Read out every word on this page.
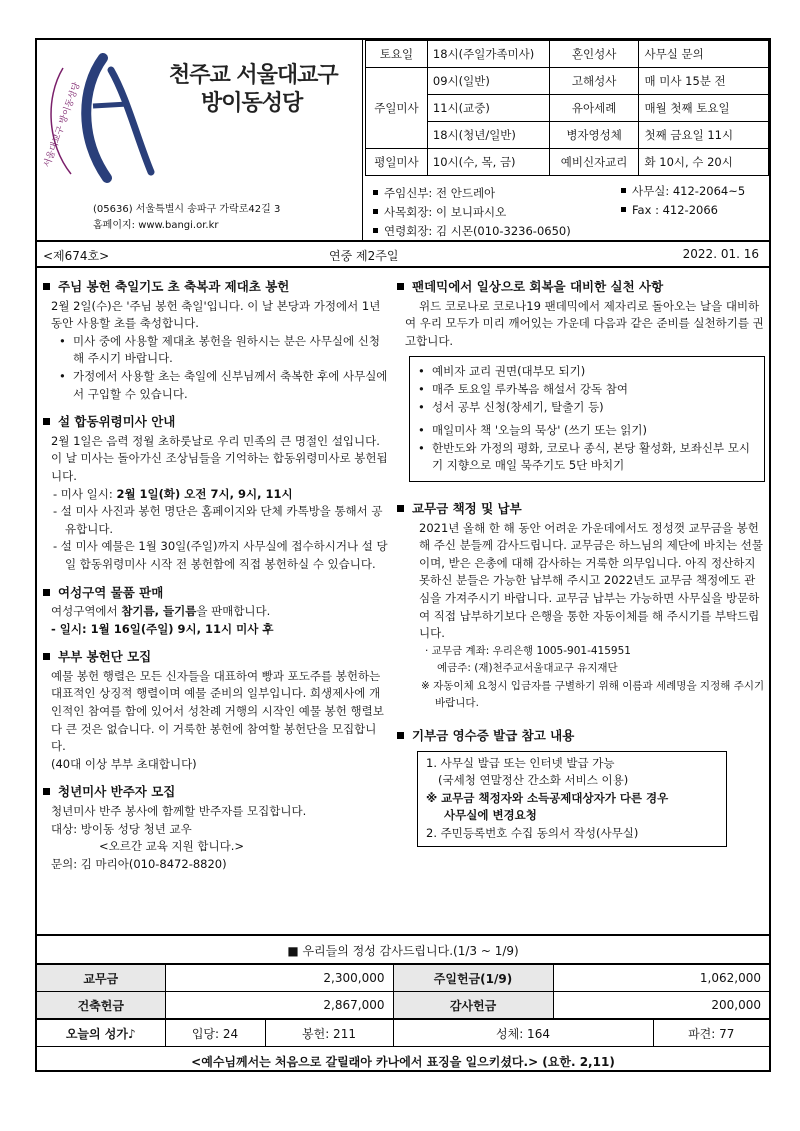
서울대교구 방이동성당
천주교 서울대교구
방이동성당
(05636) 서울특별시 송파구 가락로42길 3
홈페이지: www.bangi.or.kr
토요일	18시(주일가족미사)	혼인성사	사무실 문의
주일미사	09시(일반)	고해성사	매 미사 15분 전
	11시(교중)	유아세례	매월 첫째 토요일
	18시(청년/일반)	병자영성체	첫째 금요일 11시
평일미사	10시(수, 목, 금)	예비신자교리	화 10시, 수 20시
주임신부: 전 안드레아
사목회장: 이 보니파시오
연령회장: 김 시몬(010-3236-0650)
사무실: 412-2064~5
Fax : 412-2066
<제674호>	연중 제2주일	2022. 01. 16
주님 봉헌 축일기도 초 축복과 제대초 봉헌
2월 2일(수)은 '주님 봉헌 축일'입니다. 이 날 본당과 가정에서 1년 동안 사용할 초를 축성합니다.
• 미사 중에 사용할 제대초 봉헌을 원하시는 분은 사무실에 신청해 주시기 바랍니다.
• 가정에서 사용할 초는 축일에 신부님께서 축복한 후에 사무실에서 구입할 수 있습니다.
설 합동위령미사 안내
2월 1일은 음력 정월 초하룻날로 우리 민족의 큰 명절인 설입니다. 이 날 미사는 돌아가신 조상님들을 기억하는 합동위령미사로 봉헌됩니다.
- 미사 일시: 2월 1일(화) 오전 7시, 9시, 11시
- 설 미사 사진과 봉헌 명단은 홈페이지와 단체 카톡방을 통해서 공유합니다.
- 설 미사 예물은 1월 30일(주일)까지 사무실에 접수하시거나 설 당일 합동위령미사 시작 전 봉헌함에 직접 봉헌하실 수 있습니다.
여성구역 물품 판매
여성구역에서 참기름, 들기름을 판매합니다.
- 일시: 1월 16일(주일) 9시, 11시 미사 후
부부 봉헌단 모집
예물 봉헌 행렬은 모든 신자들을 대표하여 빵과 포도주를 봉헌하는 대표적인 상징적 행렬이며 예물 준비의 일부입니다. 희생제사에 개인적인 참여를 함에 있어서 성찬례 거행의 시작인 예물 봉헌 행렬보다 큰 것은 없습니다. 이 거룩한 봉헌에 참여할 봉헌단을 모집합니다.
(40대 이상 부부 초대합니다)
청년미사 반주자 모집
청년미사 반주 봉사에 함께할 반주자를 모집합니다.
대상: 방이동 성당 청년 교우
<오르간 교육 지원 합니다.>
문의: 김 마리아(010-8472-8820)
팬데믹에서 일상으로 회복을 대비한 실천 사항
위드 코로나로 코로나19 팬데믹에서 제자리로 돌아오는 날을 대비하여 우리 모두가 미리 깨어있는 가운데 다음과 같은 준비를 실천하기를 권고합니다.
• 예비자 교리 권면(대부모 되기)
• 매주 토요일 루카복음 해설서 강독 참여
• 성서 공부 신청(창세기, 탈출기 등)
• 매일미사 책 '오늘의 묵상' (쓰기 또는 읽기)
• 한반도와 가정의 평화, 코로나 종식, 본당 활성화, 보좌신부 모시기 지향으로 매일 묵주기도 5단 바치기
교무금 책정 및 납부
2021년 올해 한 해 동안 어려운 가운데에서도 정성껏 교무금을 봉헌해 주신 분들께 감사드립니다. 교무금은 하느님의 제단에 바치는 선물이며, 받은 은총에 대해 감사하는 거룩한 의무입니다. 아직 정산하지 못하신 분들은 가능한 납부해 주시고 2022년도 교무금 책정에도 관심을 가져주시기 바랍니다. 교무금 납부는 가능하면 사무실을 방문하여 직접 납부하기보다 은행을 통한 자동이체를 해 주시기를 부탁드립니다.
· 교무금 계좌: 우리은행 1005-901-415951
예금주: (재)천주교서울대교구 유지재단
※ 자동이체 요청시 입금자를 구별하기 위해 이름과 세례명을 지정해 주시기 바랍니다.
기부금 영수증 발급 참고 내용
1. 사무실 발급 또는 인터넷 발급 가능
(국세청 연말정산 간소화 서비스 이용)
※ 교무금 책정자와 소득공제대상자가 다른 경우
사무실에 변경요청
2. 주민등록번호 수집 동의서 작성(사무실)
■ 우리들의 정성 감사드립니다.(1/3 ~ 1/9)
교무금	2,300,000	주일헌금(1/9)	1,062,000
건축헌금	2,867,000	감사헌금	200,000
오늘의 성가♪	입당: 24	봉헌: 211	성체: 164	파견: 77
<예수님께서는 처음으로 갈릴래아 카나에서 표징을 일으키셨다.> (요한. 2,11)
